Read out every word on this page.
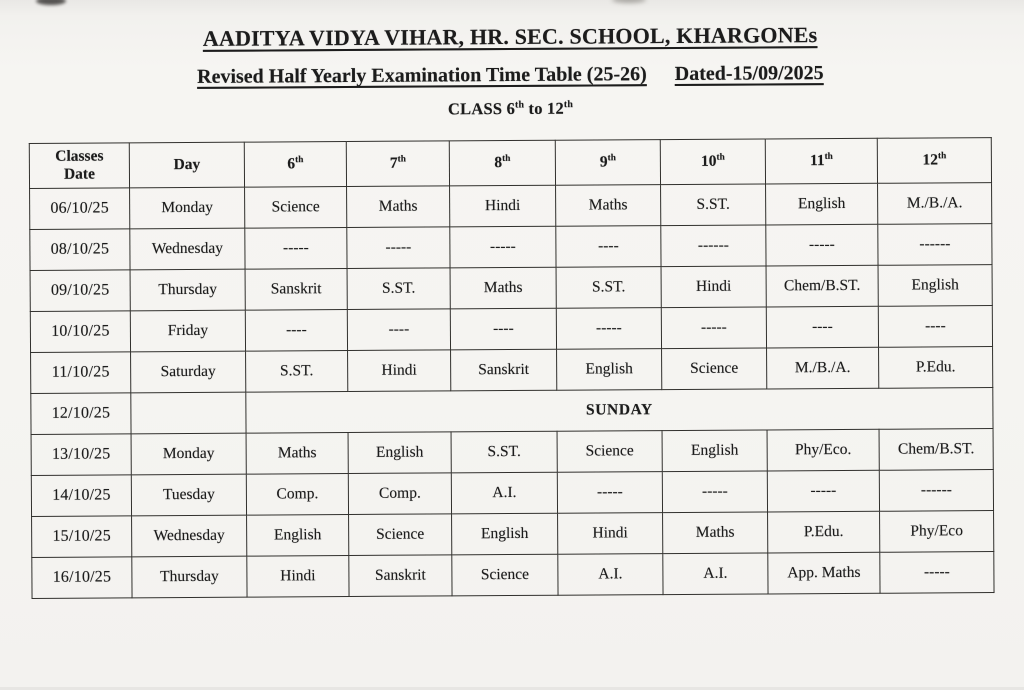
AADITYA VIDYA VIHAR, HR. SEC. SCHOOL, KHARGONEs
Revised Half Yearly Examination Time Table (25-26) Dated-15/09/2025
CLASS 6th to 12th
Classes
Date	Day	6th	7th	8th	9th	10th	11th	12th
06/10/25	Monday	Science	Maths	Hindi	Maths	S.ST.	English	M./B./A.
08/10/25	Wednesday	-----	-----	-----	----	------	-----	------
09/10/25	Thursday	Sanskrit	S.ST.	Maths	S.ST.	Hindi	Chem/B.ST.	English
10/10/25	Friday	----	----	----	-----	-----	----	----
11/10/25	Saturday	S.ST.	Hindi	Sanskrit	English	Science	M./B./A.	P.Edu.
12/10/25		SUNDAY						
13/10/25	Monday	Maths	English	S.ST.	Science	English	Phy/Eco.	Chem/B.ST.
14/10/25	Tuesday	Comp.	Comp.	A.I.	-----	-----	-----	------
15/10/25	Wednesday	English	Science	English	Hindi	Maths	P.Edu.	Phy/Eco
16/10/25	Thursday	Hindi	Sanskrit	Science	A.I.	A.I.	App. Maths	-----
